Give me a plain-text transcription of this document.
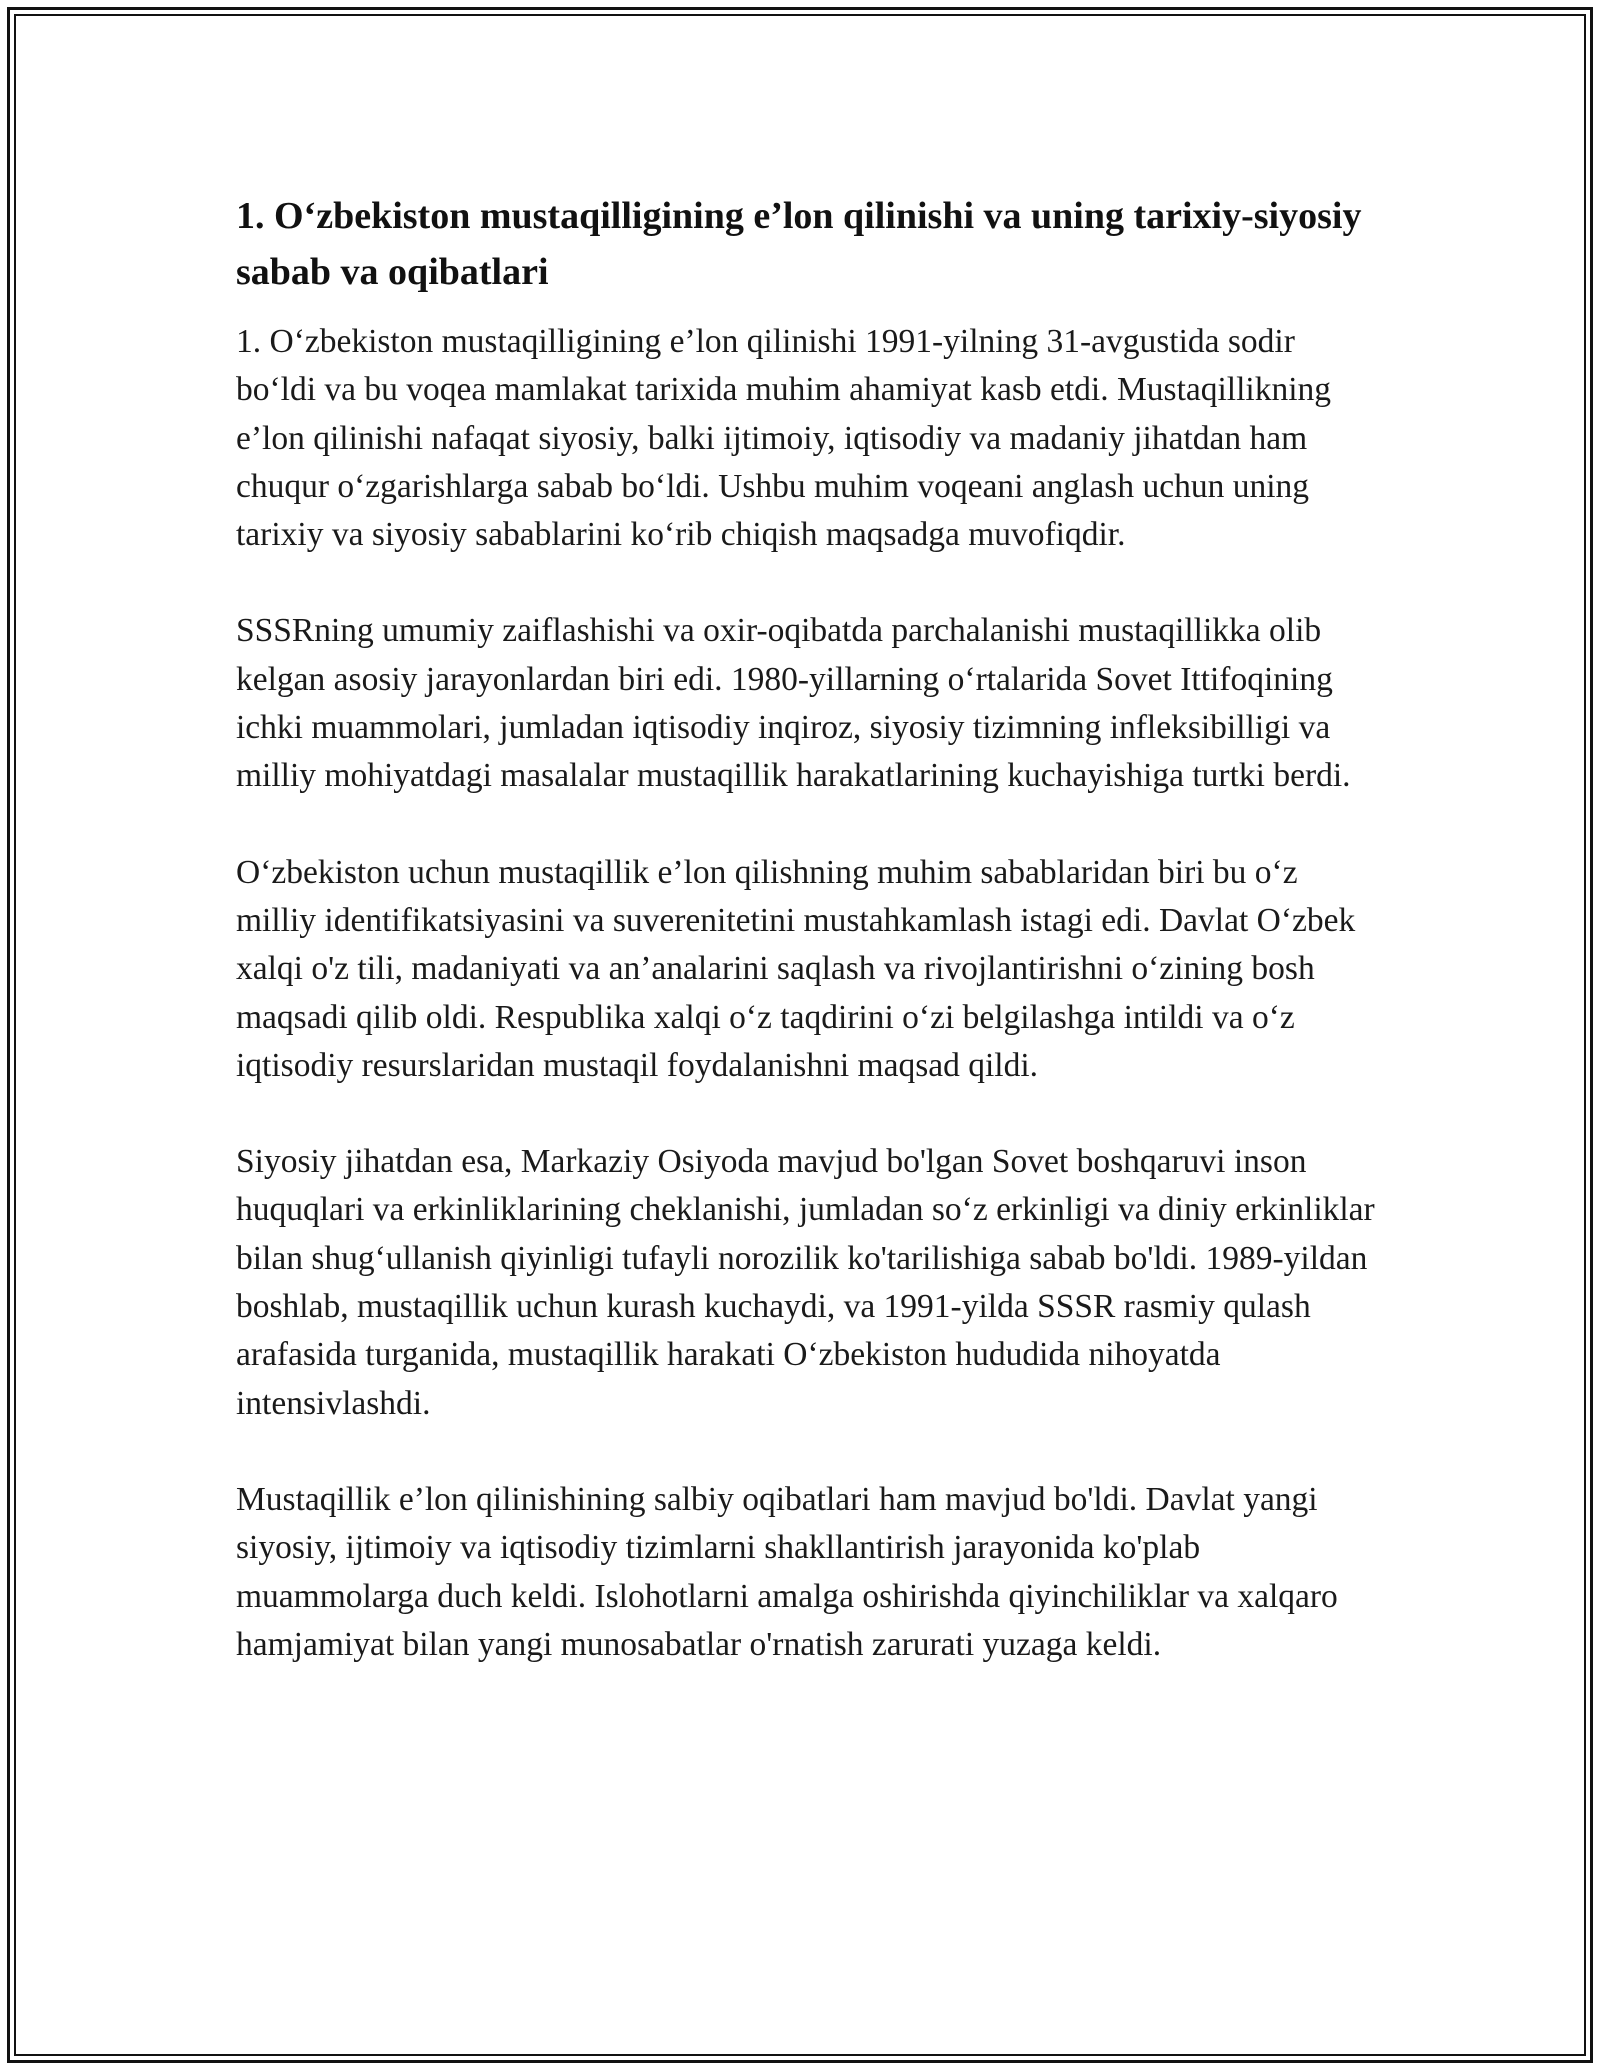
1. O‘zbekiston mustaqilligining e’lon qilinishi va uning tarixiy-siyosiy sabab va oqibatlari

1. O‘zbekiston mustaqilligining e’lon qilinishi 1991-yilning 31-avgustida sodir bo‘ldi va bu voqea mamlakat tarixida muhim ahamiyat kasb etdi. Mustaqillikning e’lon qilinishi nafaqat siyosiy, balki ijtimoiy, iqtisodiy va madaniy jihatdan ham chuqur o‘zgarishlarga sabab bo‘ldi. Ushbu muhim voqeani anglash uchun uning tarixiy va siyosiy sabablarini ko‘rib chiqish maqsadga muvofiqdir.

SSSRning umumiy zaiflashishi va oxir-oqibatda parchalanishi mustaqillikka olib kelgan asosiy jarayonlardan biri edi. 1980-yillarning o‘rtalarida Sovet Ittifoqining ichki muammolari, jumladan iqtisodiy inqiroz, siyosiy tizimning infleksibilligi va milliy mohiyatdagi masalalar mustaqillik harakatlarining kuchayishiga turtki berdi.

O‘zbekiston uchun mustaqillik e’lon qilishning muhim sabablaridan biri bu o‘z milliy identifikatsiyasini va suverenitetini mustahkamlash istagi edi. Davlat O‘zbek xalqi o'z tili, madaniyati va an’analarini saqlash va rivojlantirishni o‘zining bosh maqsadi qilib oldi. Respublika xalqi o‘z taqdirini o‘zi belgilashga intildi va o‘z iqtisodiy resurslaridan mustaqil foydalanishni maqsad qildi.

Siyosiy jihatdan esa, Markaziy Osiyoda mavjud bo'lgan Sovet boshqaruvi inson huquqlari va erkinliklarining cheklanishi, jumladan so‘z erkinligi va diniy erkinliklar bilan shug‘ullanish qiyinligi tufayli norozilik ko'tarilishiga sabab bo'ldi. 1989-yildan boshlab, mustaqillik uchun kurash kuchaydi, va 1991-yilda SSSR rasmiy qulash arafasida turganida, mustaqillik harakati O‘zbekiston hududida nihoyatda intensivlashdi.

Mustaqillik e’lon qilinishining salbiy oqibatlari ham mavjud bo'ldi. Davlat yangi siyosiy, ijtimoiy va iqtisodiy tizimlarni shakllantirish jarayonida ko'plab muammolarga duch keldi. Islohotlarni amalga oshirishda qiyinchiliklar va xalqaro hamjamiyat bilan yangi munosabatlar o'rnatish zarurati yuzaga keldi.
